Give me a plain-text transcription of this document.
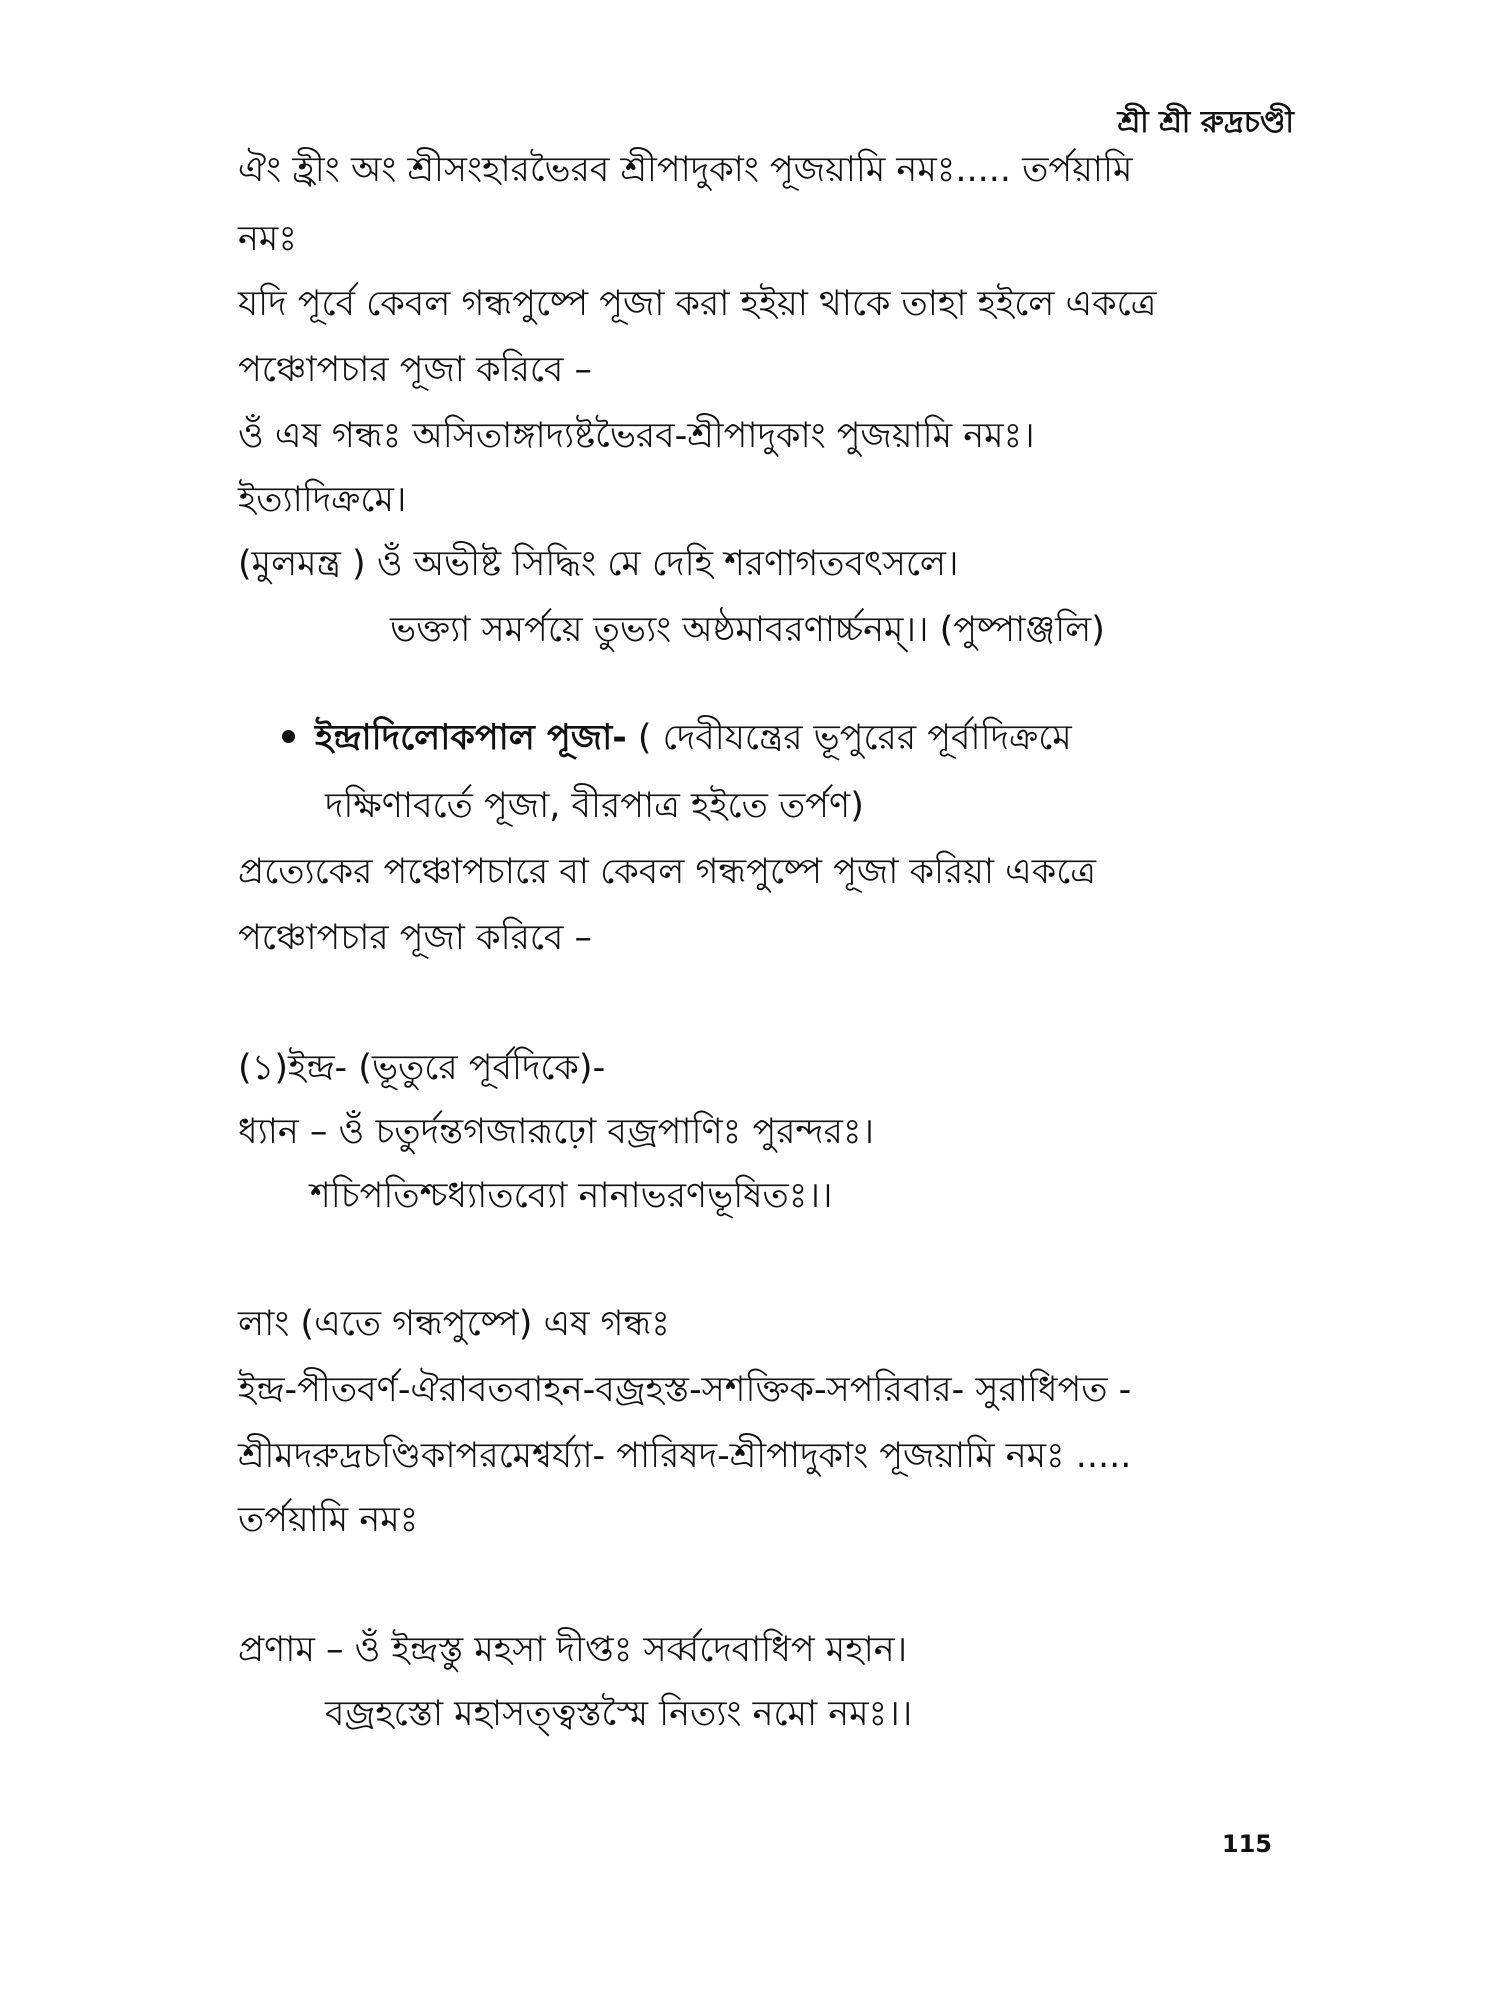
শ্রী শ্রী রুদ্রচণ্ডী
ঐং হ্রীং অং শ্রীসংহারভৈরব শ্রীপাদুকাং পূজয়ামি নমঃ..... তর্পয়ামি
নমঃ
যদি পূর্বে কেবল গন্ধপুষ্পে পূজা করা হইয়া থাকে তাহা হইলে একত্রে
পঞ্চোপচার পূজা করিবে –
ওঁ এষ গন্ধঃ অসিতাঙ্গাদ্যষ্টভৈরব-শ্রীপাদুকাং পুজয়ামি নমঃ।
ইত্যাদিক্রমে।
(মুলমন্ত্র ) ওঁ অভীষ্ট সিদ্ধিং মে দেহি শরণাগতবৎসলে।
ভক্ত্যা সমর্পয়ে তুভ্যং অষ্ঠমাবরণার্চ্চনম্।। (পুষ্পাঞ্জলি)
ইন্দ্রাদিলোকপাল পূজা- ( দেবীযন্ত্রের ভূপুরের পূর্বাদিক্রমে
দক্ষিণাবর্তে পূজা, বীরপাত্র হইতে তর্পণ)
প্রত্যেকের পঞ্চোপচারে বা কেবল গন্ধপুষ্পে পূজা করিয়া একত্রে
পঞ্চোপচার পূজা করিবে –
(১)ইন্দ্র- (ভূতুরে পূর্বদিকে)-
ধ্যান – ওঁ চতুর্দন্তগজারূঢ়ো বজ্রপাণিঃ পুরন্দরঃ।
শচিপতিশ্চধ্যাতব্যো নানাভরণভূষিতঃ।।
লাং (এতে গন্ধপুষ্পে) এষ গন্ধঃ
ইন্দ্র-পীতবর্ণ-ঐরাবতবাহন-বজ্রহস্ত-সশক্তিক-সপরিবার- সুরাধিপত -
শ্রীমদরুদ্রচণ্ডিকাপরমেশ্বর্য্যা- পারিষদ-শ্রীপাদুকাং পূজয়ামি নমঃ .....
তর্পয়ামি নমঃ
প্রণাম – ওঁ ইন্দ্রস্তু মহসা দীপ্তঃ সর্ব্বদেবাধিপ মহান।
বজ্রহস্তো মহাসত্ত্বস্তস্মৈ নিত্যং নমো নমঃ।।
115
